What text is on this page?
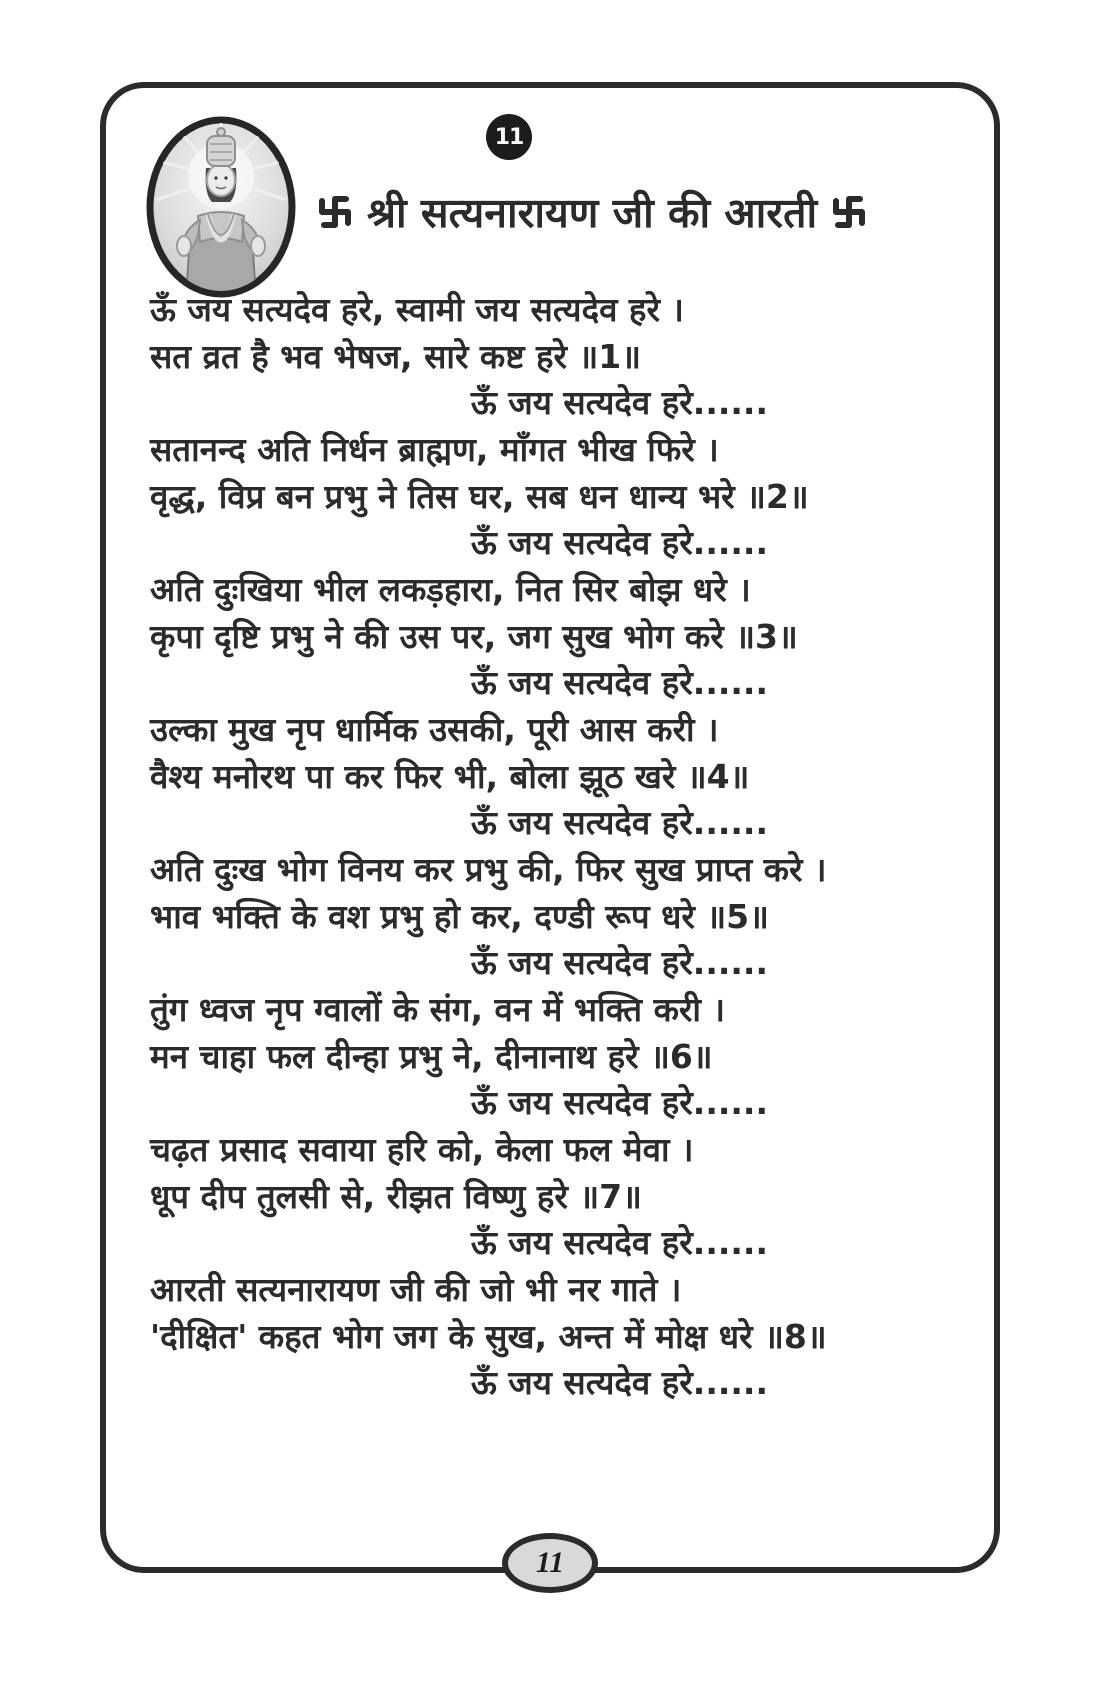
11
श्री सत्यनारायण जी की आरती
ऊँ जय सत्यदेव हरे, स्वामी जय सत्यदेव हरे ।
सत व्रत है भव भेषज, सारे कष्ट हरे ॥1॥
ऊँ जय सत्यदेव हरे......
सतानन्द अति निर्धन ब्राह्मण, माँगत भीख फिरे ।
वृद्ध, विप्र बन प्रभु ने तिस घर, सब धन धान्य भरे ॥2॥
ऊँ जय सत्यदेव हरे......
अति दुःखिया भील लकड़हारा, नित सिर बोझ धरे ।
कृपा दृष्टि प्रभु ने की उस पर, जग सुख भोग करे ॥3॥
ऊँ जय सत्यदेव हरे......
उल्का मुख नृप धार्मिक उसकी, पूरी आस करी ।
वैश्य मनोरथ पा कर फिर भी, बोला झूठ खरे ॥4॥
ऊँ जय सत्यदेव हरे......
अति दुःख भोग विनय कर प्रभु की, फिर सुख प्राप्त करे ।
भाव भक्ति के वश प्रभु हो कर, दण्डी रूप धरे ॥5॥
ऊँ जय सत्यदेव हरे......
तुंग ध्वज नृप ग्वालों के संग, वन में भक्ति करी ।
मन चाहा फल दीन्हा प्रभु ने, दीनानाथ हरे ॥6॥
ऊँ जय सत्यदेव हरे......
चढ़त प्रसाद सवाया हरि को, केला फल मेवा ।
धूप दीप तुलसी से, रीझत विष्णु हरे ॥7॥
ऊँ जय सत्यदेव हरे......
आरती सत्यनारायण जी की जो भी नर गाते ।
'दीक्षित' कहत भोग जग के सुख, अन्त में मोक्ष धरे ॥8॥
ऊँ जय सत्यदेव हरे......
11
